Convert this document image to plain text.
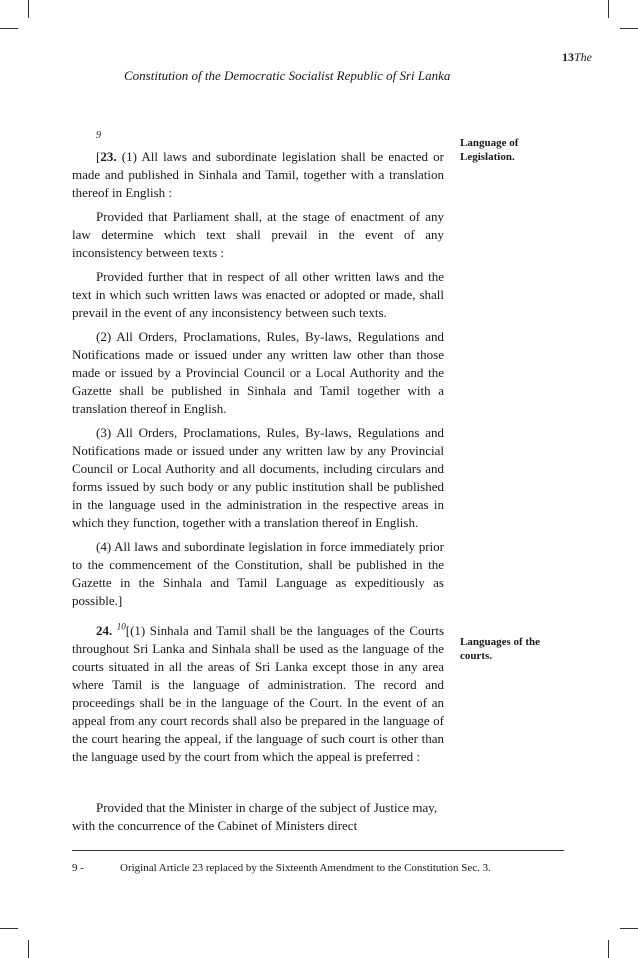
13The
Constitution of the Democratic Socialist Republic of Sri Lanka
9
Language of Legislation.
Languages of the courts.

[23. (1) All laws and subordinate legislation shall be enacted or made and published in Sinhala and Tamil, together with a translation thereof in English :

Provided that Parliament shall, at the stage of enactment of any law determine which text shall prevail in the event of any inconsistency between texts :

Provided further that in respect of all other written laws and the text in which such written laws was enacted or adopted or made, shall prevail in the event of any inconsistency between such texts.

(2) All Orders, Proclamations, Rules, By-laws, Regulations and Notifications made or issued under any written law other than those made or issued by a Provincial Council or a Local Authority and the Gazette shall be published in Sinhala and Tamil together with a translation thereof in English.

(3) All Orders, Proclamations, Rules, By-laws, Regulations and Notifications made or issued under any written law by any Provincial Council or Local Authority and all documents, including circulars and forms issued by such body or any public institution shall be published in the language used in the administration in the respective areas in which they function, together with a translation thereof in English.

(4) All laws and subordinate legislation in force immediately prior to the commencement of the Constitution, shall be published in the Gazette in the Sinhala and Tamil Language as expeditiously as possible.]

24. $^{10}$[(1) Sinhala and Tamil shall be the languages of the Courts throughout Sri Lanka and Sinhala shall be used as the language of the courts situated in all the areas of Sri Lanka except those in any area where Tamil is the language of administration. The record and proceedings shall be in the language of the Court. In the event of an appeal from any court records shall also be prepared in the language of the court hearing the appeal, if the language of such court is other than the language used by the court from which the appeal is preferred :

Provided that the Minister in charge of the subject of Justice may,
with the concurrence of the Cabinet of Ministers direct
9 -	Original Article 23 replaced by the Sixteenth Amendment to the Constitution Sec. 3.
